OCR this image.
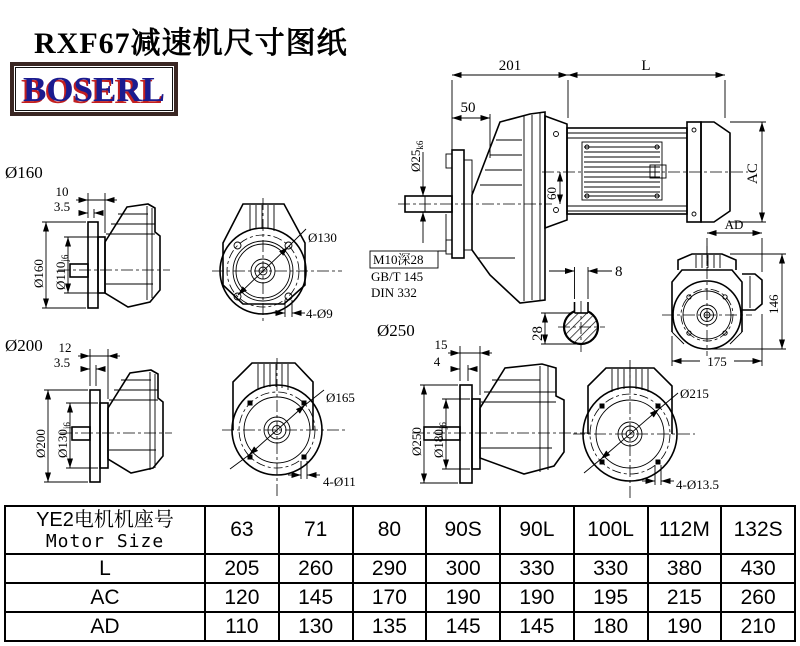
RXF67减速机尺寸图纸
BOSERL
201	L
50
$Ø25_{k6}$
60
AC
M10深28
GB/T 145
DIN 332
AD
146
175
Ø160
10
3.5
Ø160 $Ø110_{j6}$
Ø130
4-Ø9
8
28
Ø200 12
3.5
Ø200 $Ø130_{j6}$
Ø165
4-Ø11
Ø250
15
4
Ø250 $Ø180_{j6}$
Ø215
4-Ø13.5
YE2电机机座号
Motor Size	63	71	80	90S	90L	100L	112M	132S
L	205	260	290	300	330	330	380	430
AC	120	145	170	190	190	195	215	260
AD	110	130	135	145	145	180	190	210
